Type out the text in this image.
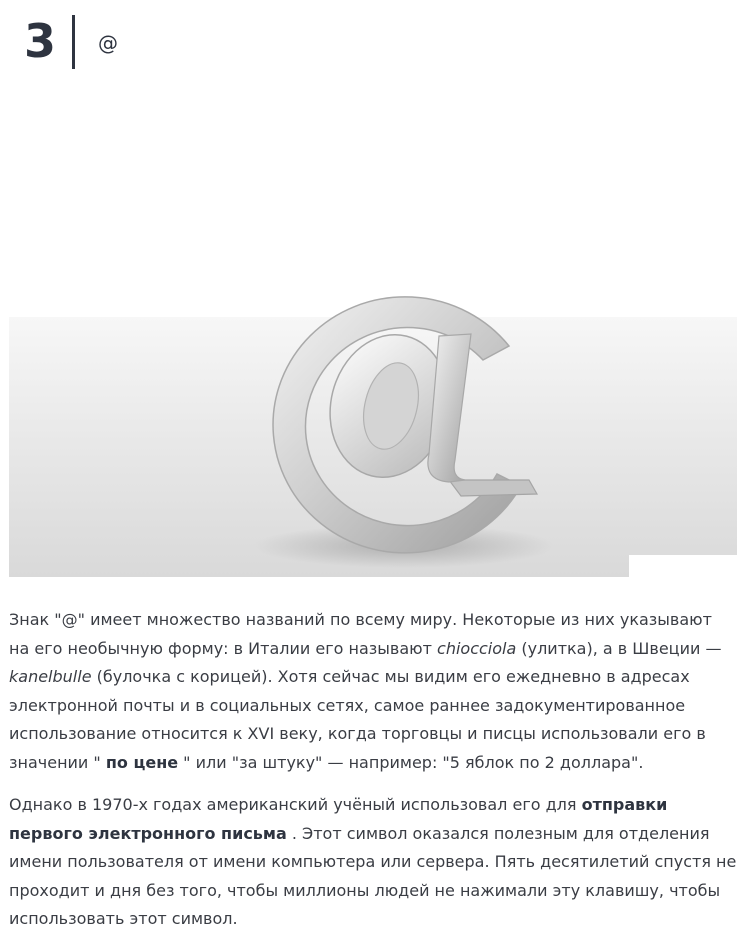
3 @

Знак "@" имеет множество названий по всему миру. Некоторые из них указывают на его необычную форму: в Италии его называют chiocciola (улитка), а в Швеции — kanelbulle (булочка с корицей). Хотя сейчас мы видим его ежедневно в адресах электронной почты и в социальных сетях, самое раннее задокументированное использование относится к XVI веку, когда торговцы и писцы использовали его в значении " по цене " или "за штуку" — например: "5 яблок по 2 доллара".

Однако в 1970-х годах американский учёный использовал его для отправки первого электронного письма . Этот символ оказался полезным для отделения имени пользователя от имени компьютера или сервера. Пять десятилетий спустя не проходит и дня без того, чтобы миллионы людей не нажимали эту клавишу, чтобы использовать этот символ.
